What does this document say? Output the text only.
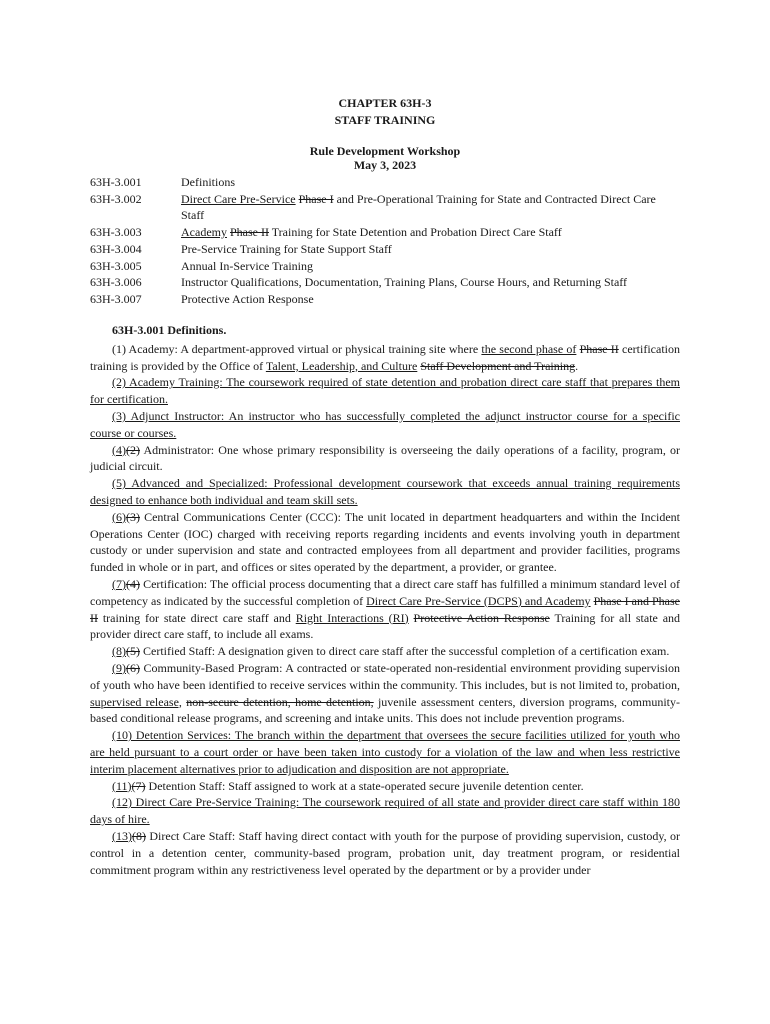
CHAPTER 63H-3
STAFF TRAINING
Rule Development Workshop
May 3, 2023
63H-3.001	Definitions
63H-3.002	Direct Care Pre-Service Phase I and Pre-Operational Training for State and Contracted Direct Care Staff
63H-3.003	Academy Phase II Training for State Detention and Probation Direct Care Staff
63H-3.004	Pre-Service Training for State Support Staff
63H-3.005	Annual In-Service Training
63H-3.006	Instructor Qualifications, Documentation, Training Plans, Course Hours, and Returning Staff
63H-3.007	Protective Action Response

63H-3.001 Definitions.

(1) Academy: A department-approved virtual or physical training site where the second phase of Phase II certification training is provided by the Office of Talent, Leadership, and Culture Staff Development and Training.

(2) Academy Training: The coursework required of state detention and probation direct care staff that prepares them for certification.

(3) Adjunct Instructor: An instructor who has successfully completed the adjunct instructor course for a specific course or courses.

(4)(2) Administrator: One whose primary responsibility is overseeing the daily operations of a facility, program, or judicial circuit.

(5) Advanced and Specialized: Professional development coursework that exceeds annual training requirements designed to enhance both individual and team skill sets.

(6)(3) Central Communications Center (CCC): The unit located in department headquarters and within the Incident Operations Center (IOC) charged with receiving reports regarding incidents and events involving youth in department custody or under supervision and state and contracted employees from all department and provider facilities, programs funded in whole or in part, and offices or sites operated by the department, a provider, or grantee.

(7)(4) Certification: The official process documenting that a direct care staff has fulfilled a minimum standard level of competency as indicated by the successful completion of Direct Care Pre-Service (DCPS) and Academy Phase I and Phase II training for state direct care staff and Right Interactions (RI) Protective Action Response Training for all state and provider direct care staff, to include all exams.

(8)(5) Certified Staff: A designation given to direct care staff after the successful completion of a certification exam.

(9)(6) Community-Based Program: A contracted or state-operated non-residential environment providing supervision of youth who have been identified to receive services within the community. This includes, but is not limited to, probation, supervised release, non-secure detention, home detention, juvenile assessment centers, diversion programs, community-based conditional release programs, and screening and intake units. This does not include prevention programs.

(10) Detention Services: The branch within the department that oversees the secure facilities utilized for youth who are held pursuant to a court order or have been taken into custody for a violation of the law and when less restrictive interim placement alternatives prior to adjudication and disposition are not appropriate.

(11)(7) Detention Staff: Staff assigned to work at a state-operated secure juvenile detention center.

(12) Direct Care Pre-Service Training: The coursework required of all state and provider direct care staff within 180 days of hire.

(13)(8) Direct Care Staff: Staff having direct contact with youth for the purpose of providing supervision, custody, or control in a detention center, community-based program, probation unit, day treatment program, or residential commitment program within any restrictiveness level operated by the department or by a provider under
